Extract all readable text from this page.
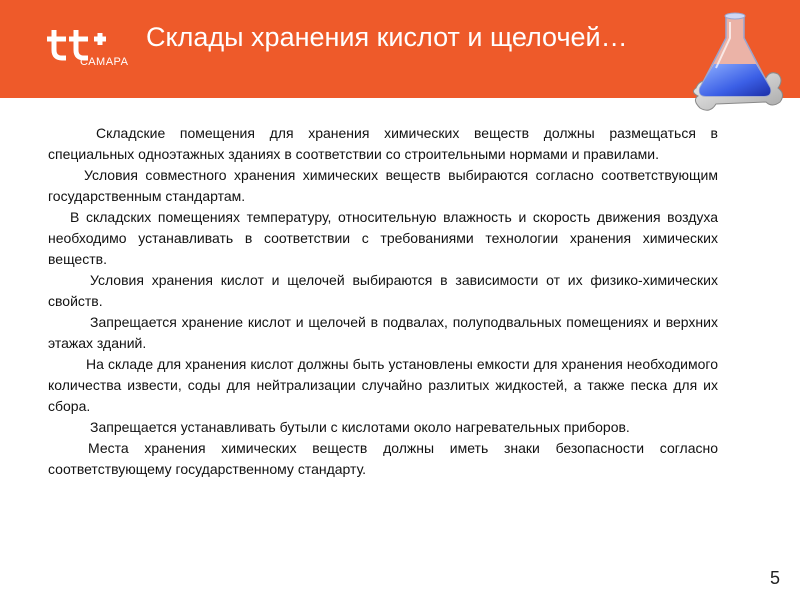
САМАРА
Склады хранения кислот и щелочей…

Складские помещения для хранения химических веществ должны размещаться в специальных одноэтажных зданиях в соответствии со строительными нормами и правилами.

Условия совместного хранения химических веществ выбираются согласно соответствующим государственным стандартам.

В складских помещениях температуру, относительную влажность и скорость движения воздуха необходимо устанавливать в соответствии с требованиями технологии хранения химических веществ.

Условия хранения кислот и щелочей выбираются в зависимости от их физико-химических свойств.

Запрещается хранение кислот и щелочей в подвалах, полуподвальных помещениях и верхних этажах зданий.

На складе для хранения кислот должны быть установлены емкости для хранения необходимого количества извести, соды для нейтрализации случайно разлитых жидкостей, а также песка для их сбора.

Запрещается устанавливать бутыли с кислотами около нагревательных приборов.

Места хранения химических веществ должны иметь знаки безопасности согласно соответствующему государственному стандарту.

5
